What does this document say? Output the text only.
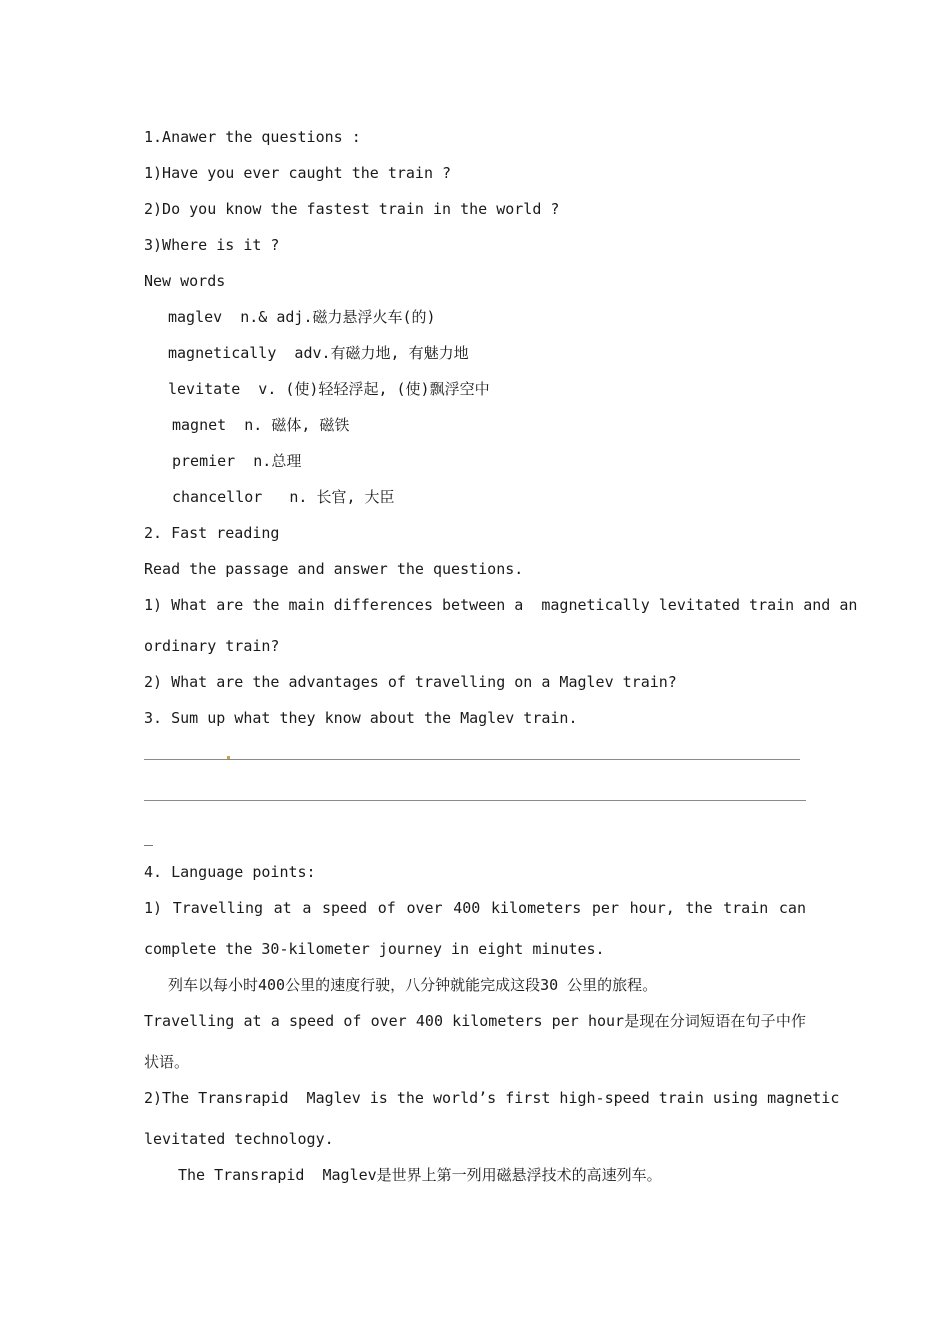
1.Anawer the questions :
1)Have you ever caught the train ?
2)Do you know the fastest train in the world ?
3)Where is it ?
New words
maglev  n.& adj.磁力悬浮火车(的)
magnetically  adv.有磁力地, 有魅力地
levitate  v. (使)轻轻浮起, (使)飘浮空中
magnet  n. 磁体, 磁铁
premier  n.总理
chancellor   n. 长官, 大臣
2. Fast reading
Read the passage and answer the questions.
1) What are the main differences between a  magnetically levitated train and an
ordinary train?
2) What are the advantages of travelling on a Maglev train?
3. Sum up what they know about the Maglev train.
_
4. Language points:
1) Travelling at a speed of over 400 kilometers per hour, the train can
complete the 30-kilometer journey in eight minutes.
列车以每小时400公里的速度行驶，八分钟就能完成这段30 公里的旅程。
Travelling at a speed of over 400 kilometers per hour是现在分词短语在句子中作
状语。
2)The Transrapid  Maglev is the world’s first high-speed train using magnetic
levitated technology.
The Transrapid  Maglev是世界上第一列用磁悬浮技术的高速列车。
